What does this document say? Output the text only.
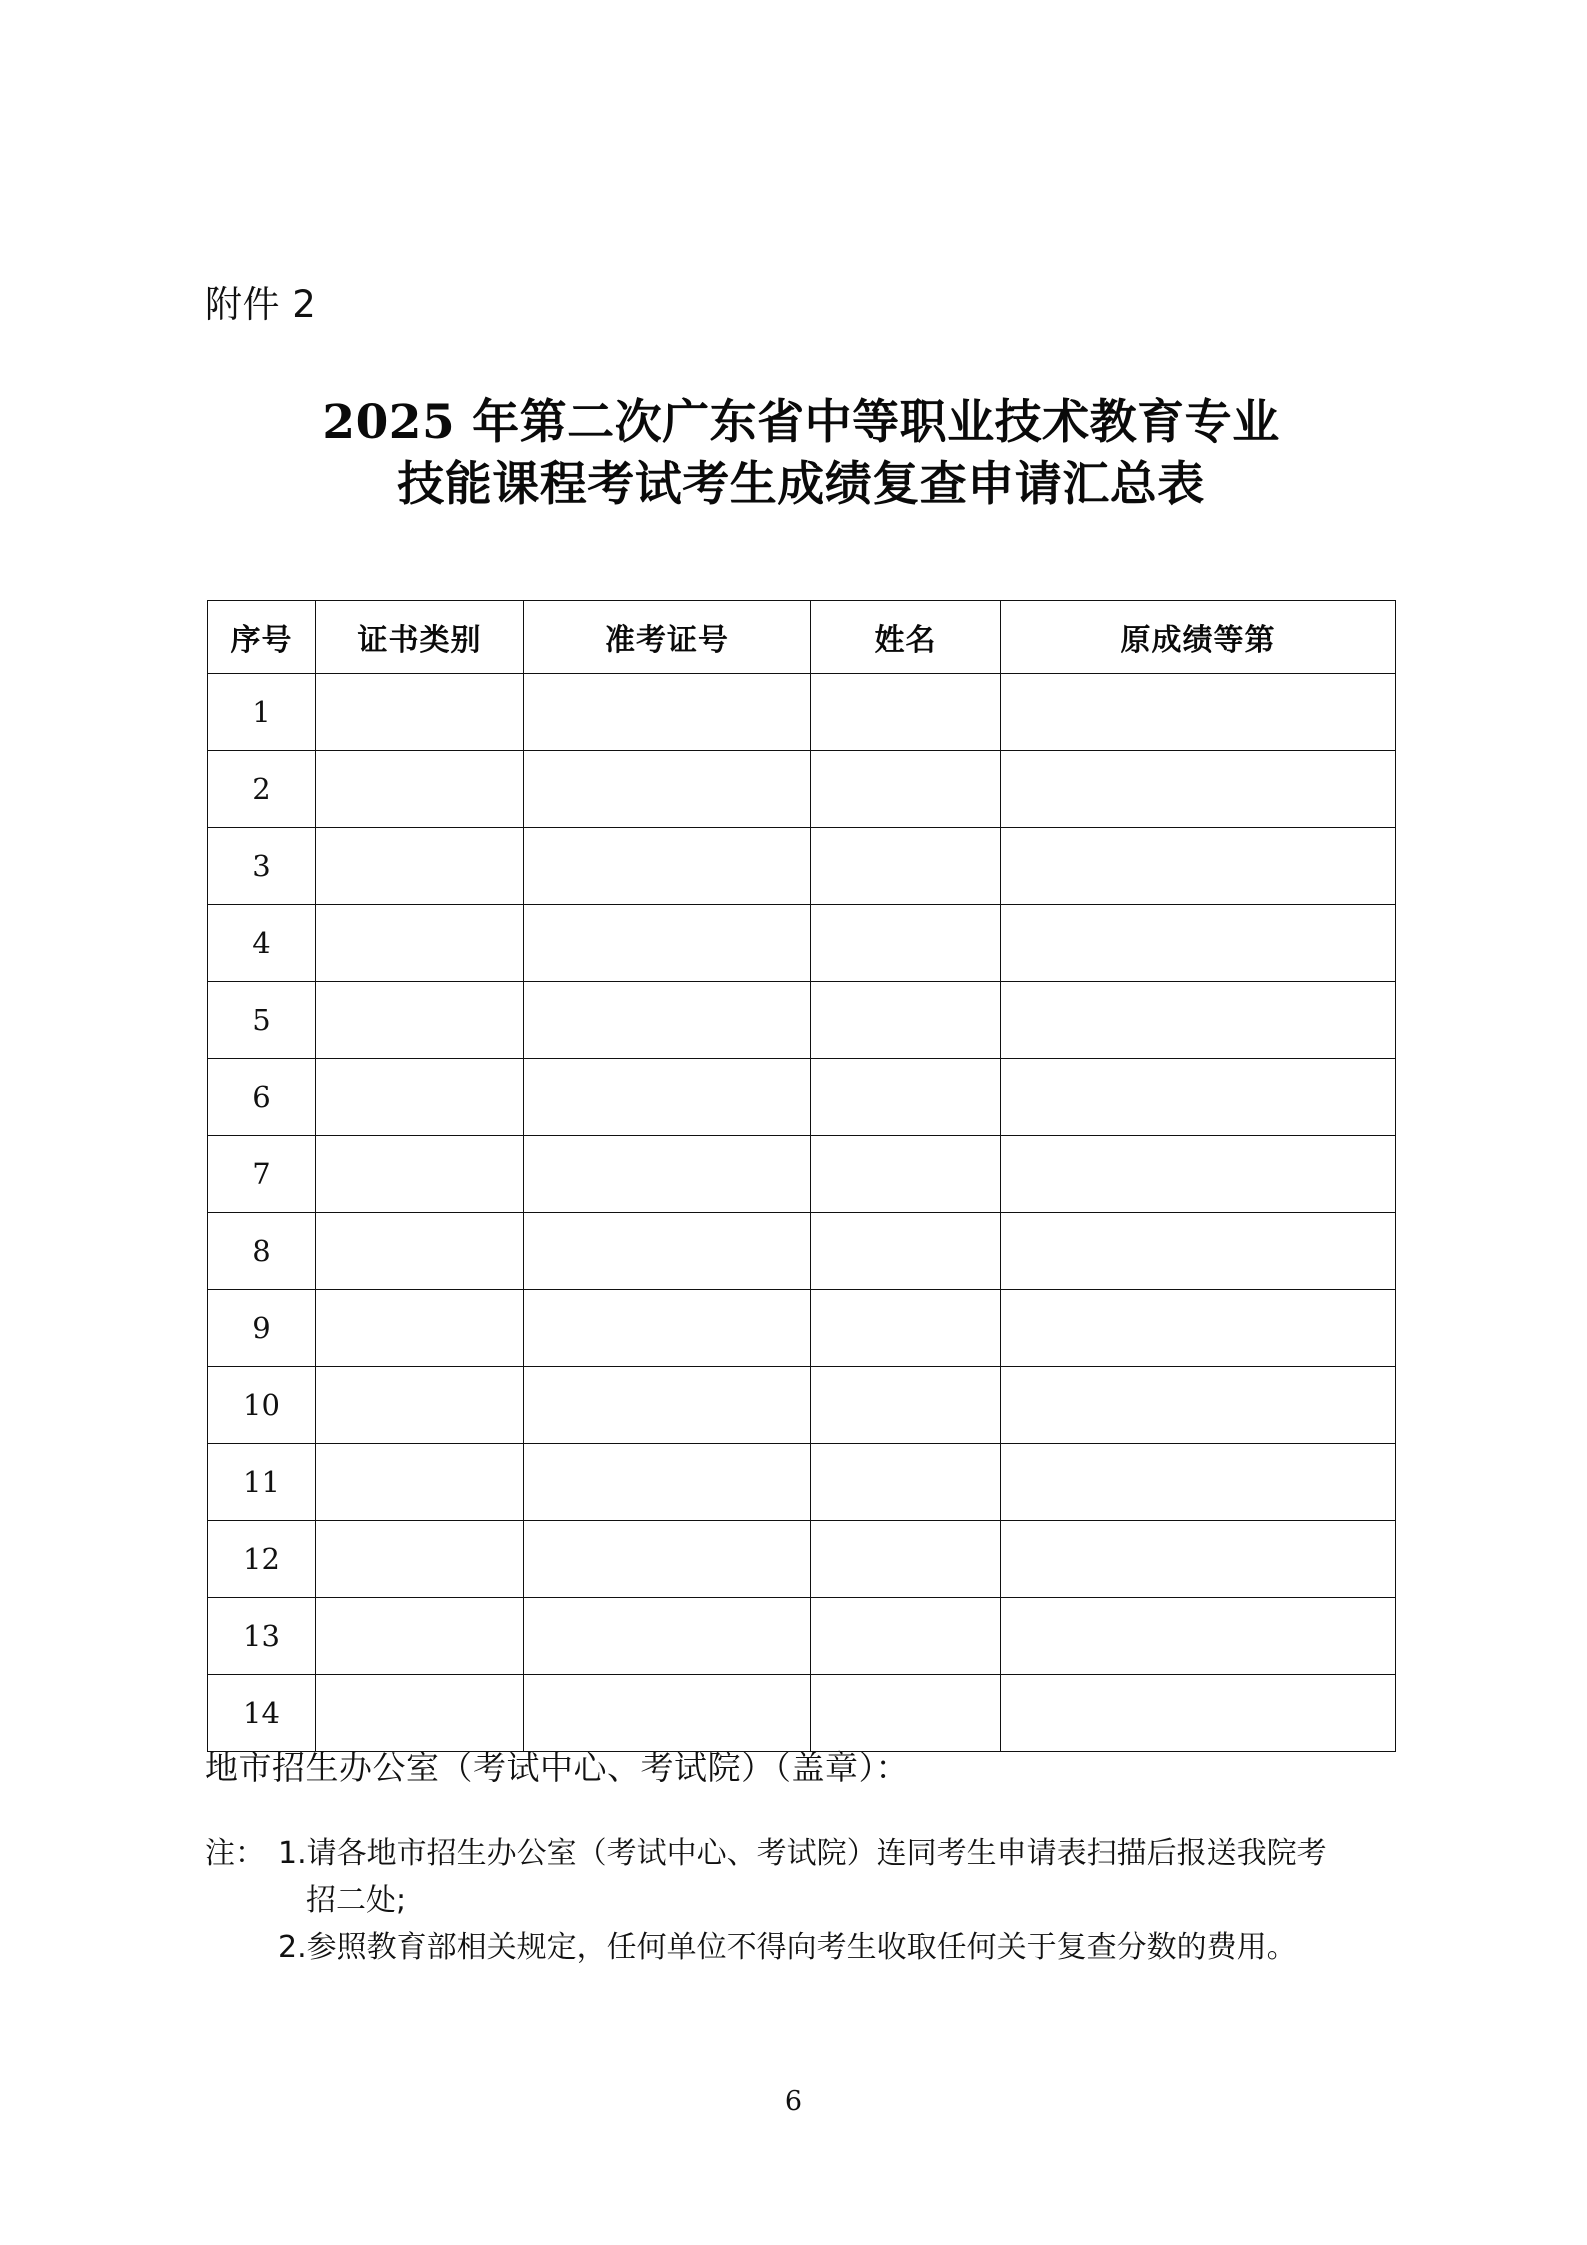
附件 2
2025 年第二次广东省中等职业技术教育专业
技能课程考试考生成绩复查申请汇总表
序号	证书类别	准考证号	姓名	原成绩等第
1				
2				
3				
4				
5				
6				
7				
8				
9				
10				
11				
12				
13				
14				
地市招生办公室（考试中心、考试院）（盖章）：
注： 1.请各地市招生办公室（考试中心、考试院）连同考生申请表扫描后报送我院考
招二处;
2.参照教育部相关规定，任何单位不得向考生收取任何关于复查分数的费用。
6
